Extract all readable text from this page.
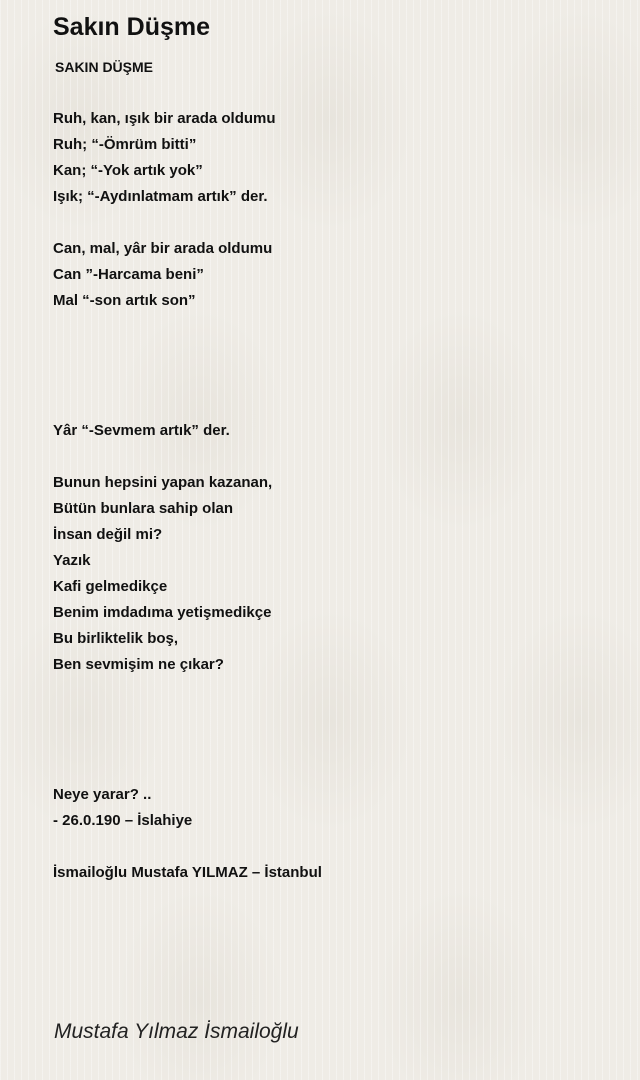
Sakın Düşme
SAKIN DÜŞME
Ruh, kan, ışık bir arada oldumu
Ruh; “-Ömrüm bitti”
Kan; “-Yok artık yok”
Işık; “-Aydınlatmam artık” der.
Can, mal, yâr bir arada oldumu
Can ”-Harcama beni”
Mal “-son artık son”
Yâr “-Sevmem artık” der.
Bunun hepsini yapan kazanan,
Bütün bunlara sahip olan
İnsan değil mi?
Yazık
Kafi gelmedikçe
Benim imdadıma yetişmedikçe
Bu birliktelik boş,
Ben sevmişim ne çıkar?
Neye yarar? ..
- 26.0.190 – İslahiye
İsmailoğlu Mustafa YILMAZ – İstanbul
Mustafa Yılmaz İsmailoğlu
